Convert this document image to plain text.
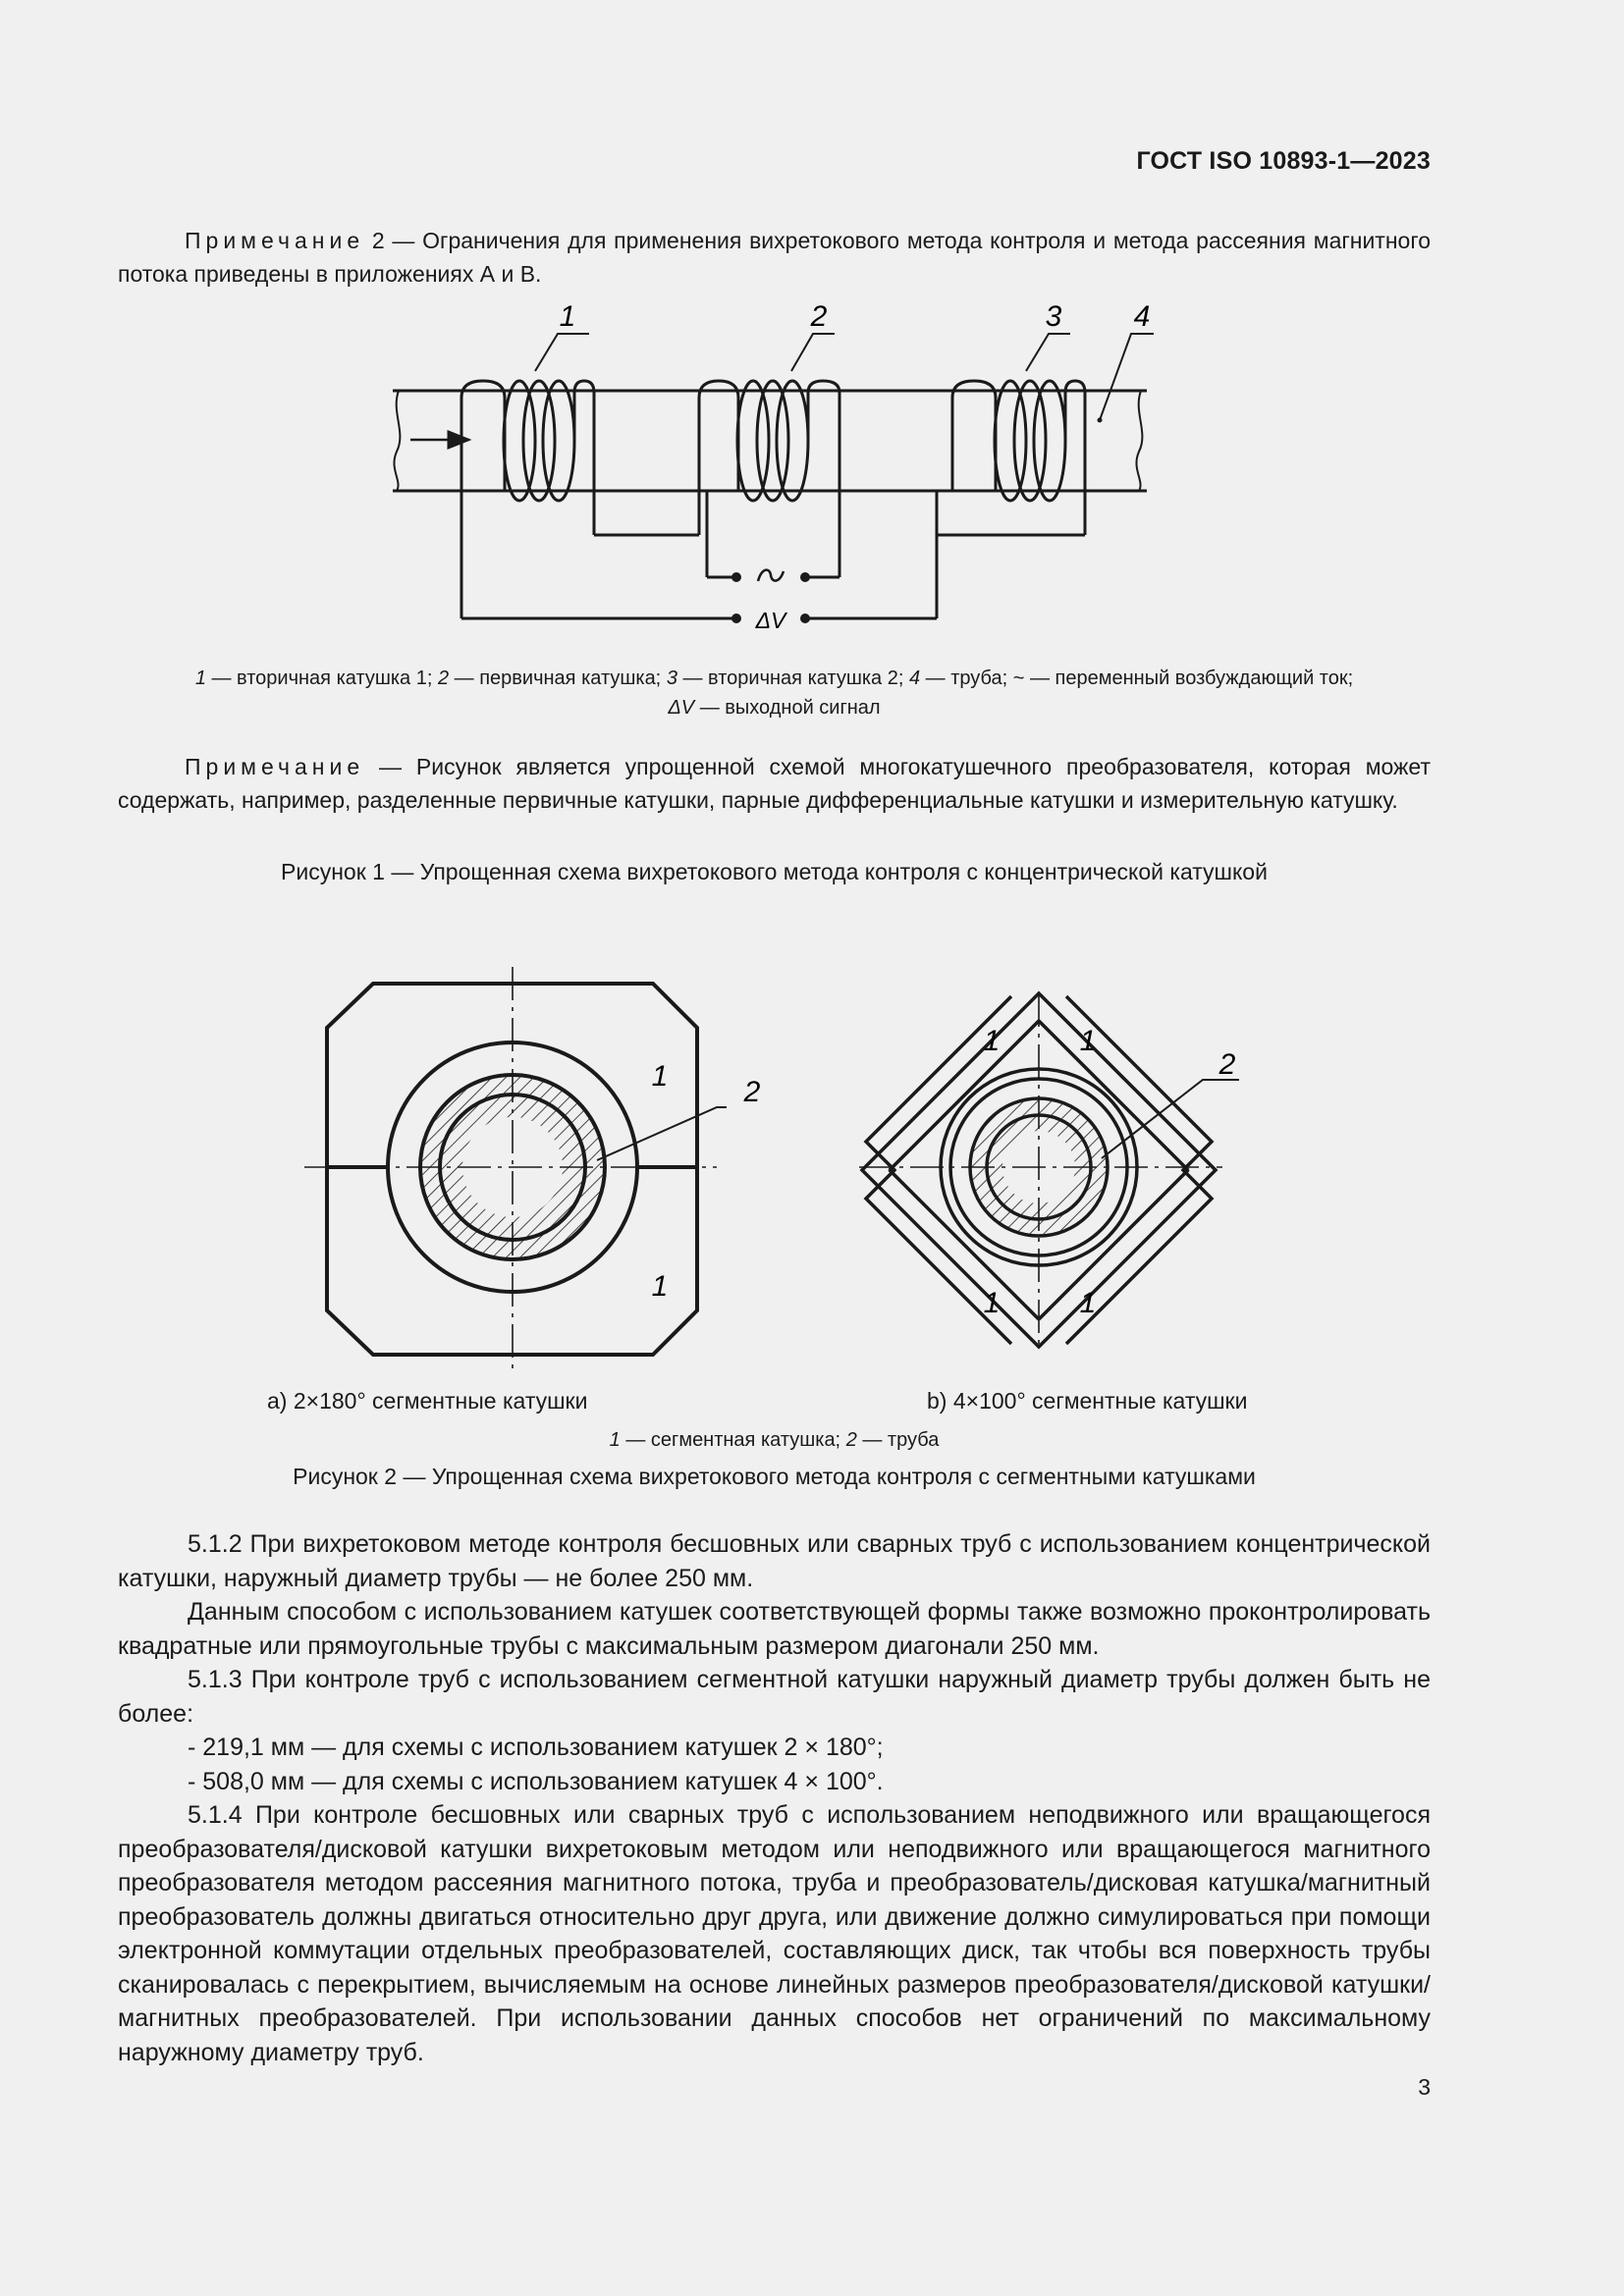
ГОСТ ISO 10893-1—2023
Примечание 2 — Ограничения для применения вихретокового метода контроля и метода рассеяния магнитного потока приведены в приложениях А и В.
ΔV
1	2	3 4
1 — вторичная катушка 1; 2 — первичная катушка; 3 — вторичная катушка 2; 4 — труба; ~ — переменный возбуждающий ток;
ΔV — выходной сигнал
Примечание — Рисунок является упрощенной схемой многокатушечного преобразователя, которая может содержать, например, разделенные первичные катушки, парные дифференциальные катушки и измерительную катушку.
Рисунок 1 — Упрощенная схема вихретокового метода контроля с концентрической катушкой
1
1
2
1	1
1	1
2
а) 2×180° сегментные катушки	b) 4×100° сегментные катушки
1 — сегментная катушка; 2 — труба
Рисунок 2 — Упрощенная схема вихретокового метода контроля с сегментными катушками

5.1.2 При вихретоковом методе контроля бесшовных или сварных труб с использованием концентрической катушки, наружный диаметр трубы — не более 250 мм.

Данным способом с использованием катушек соответствующей формы также возможно проконтролировать квадратные или прямоугольные трубы с максимальным размером диагонали 250 мм.

5.1.3 При контроле труб с использованием сегментной катушки наружный диаметр трубы должен быть не более:

- 219,1 мм — для схемы с использованием катушек 2 × 180°;

- 508,0 мм — для схемы с использованием катушек 4 × 100°.

5.1.4 При контроле бесшовных или сварных труб с использованием неподвижного или вращающегося преобразователя/дисковой катушки вихретоковым методом или неподвижного или вращающегося магнитного преобразователя методом рассеяния магнитного потока, труба и преобразователь/дисковая катушка/магнитный преобразователь должны двигаться относительно друг друга, или движение должно симулироваться при помощи электронной коммутации отдельных преобразователей, составляющих диск, так чтобы вся поверхность трубы сканировалась с перекрытием, вычисляемым на основе линейных размеров преобразователя/дисковой катушки/магнитных преобразователей. При использовании данных способов нет ограничений по максимальному наружному диаметру труб.

3
